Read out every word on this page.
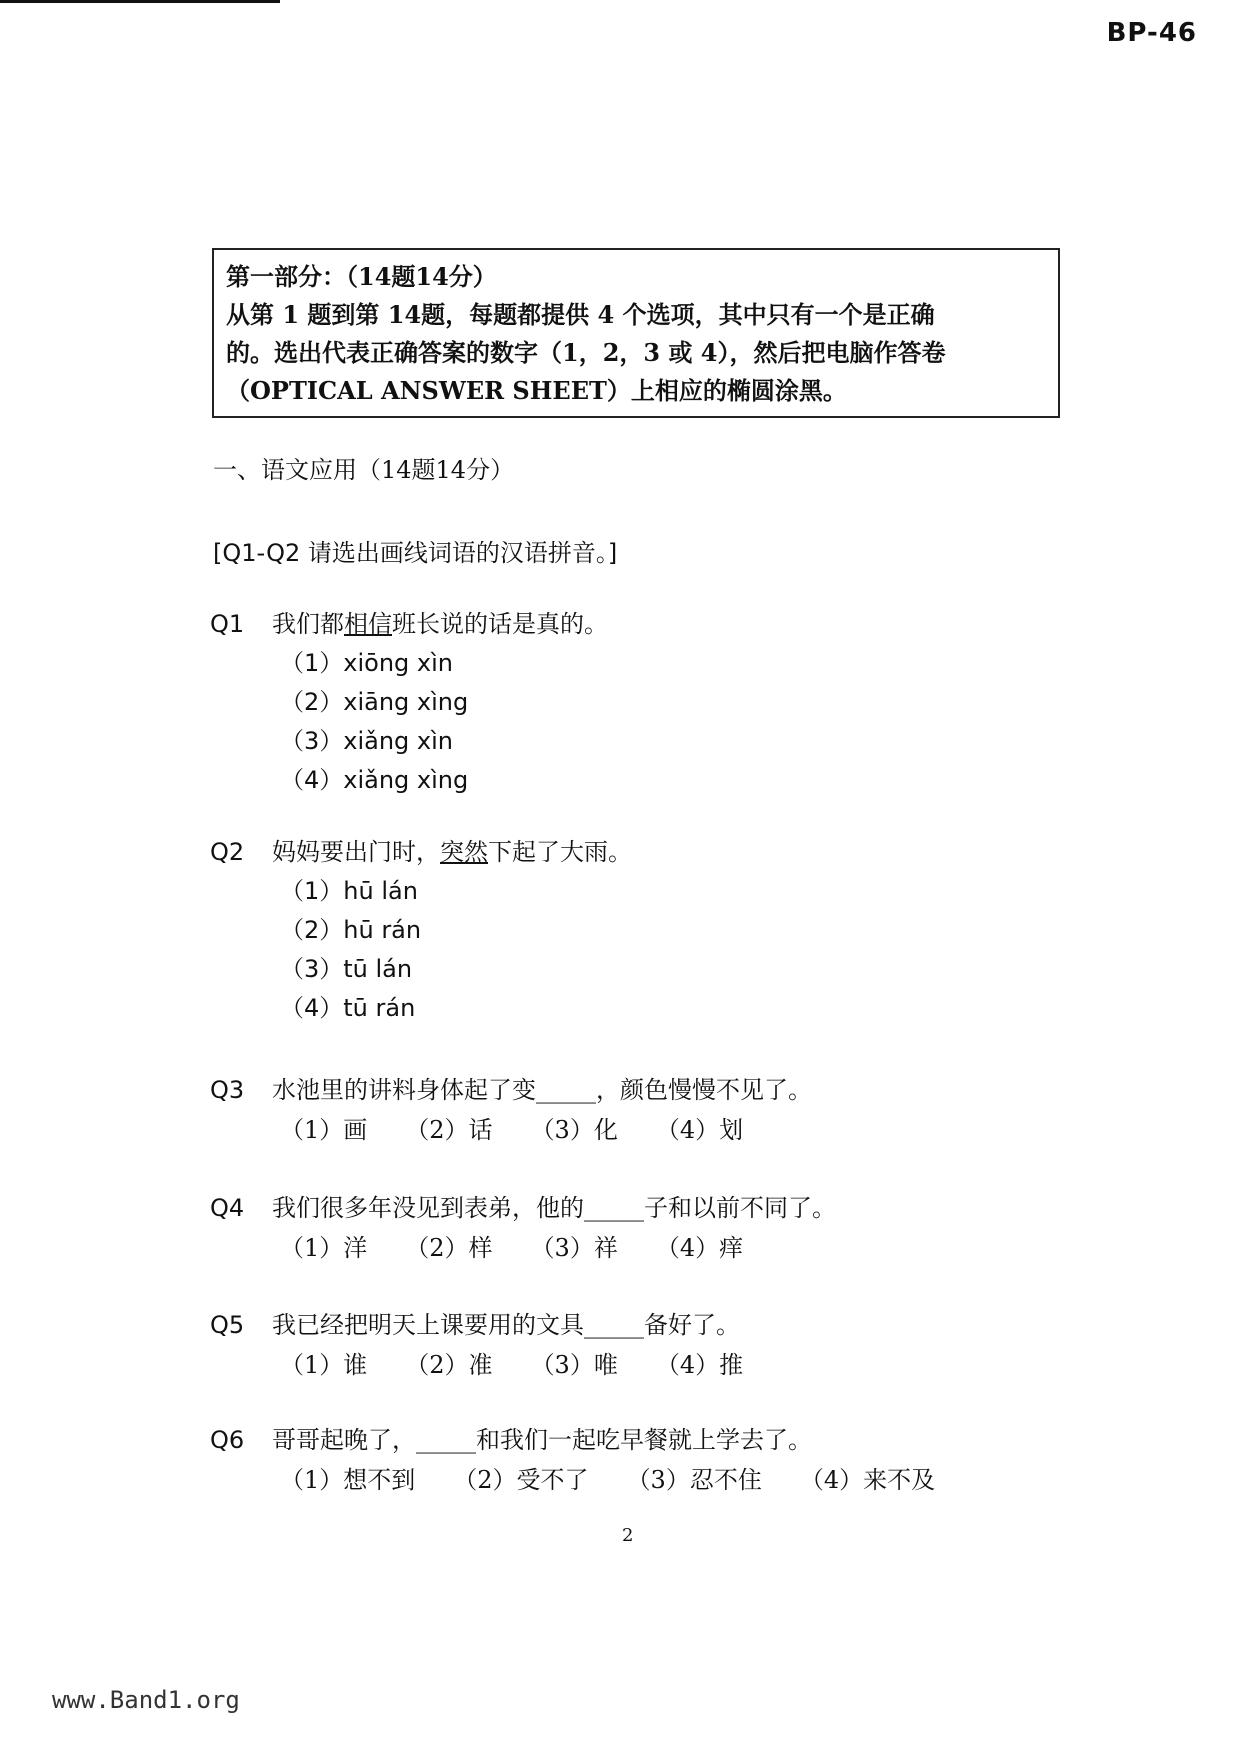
BP-46
第一部分：（14题14分）
从第 1 题到第 14题，每题都提供 4 个选项，其中只有一个是正确
的。选出代表正确答案的数字（1，2，3 或 4），然后把电脑作答卷
（OPTICAL ANSWER SHEET）上相应的椭圆涂黑。
一、语文应用（14题14分）
[Q1-Q2 请选出画线词语的汉语拼音。]
Q1 我们都相信班长说的话是真的。
（1）xiōng xìn
（2）xiāng xìng
（3）xiǎng xìn
（4）xiǎng xìng
Q2 妈妈要出门时，突然下起了大雨。
（1）hū lán
（2）hū rán
（3）tū lán
（4）tū rán
Q3 水池里的讲料身体起了变_____，颜色慢慢不见了。
（1）画 （2）话 （3）化 （4）划
Q4 我们很多年没见到表弟，他的_____子和以前不同了。
（1）洋 （2）样 （3）祥 （4）痒
Q5 我已经把明天上课要用的文具_____备好了。
（1）谁 （2）准 （3）唯 （4）推
Q6 哥哥起晚了，_____和我们一起吃早餐就上学去了。
（1）想不到 （2）受不了 （3）忍不住 （4）来不及
2
www.Band1.org
